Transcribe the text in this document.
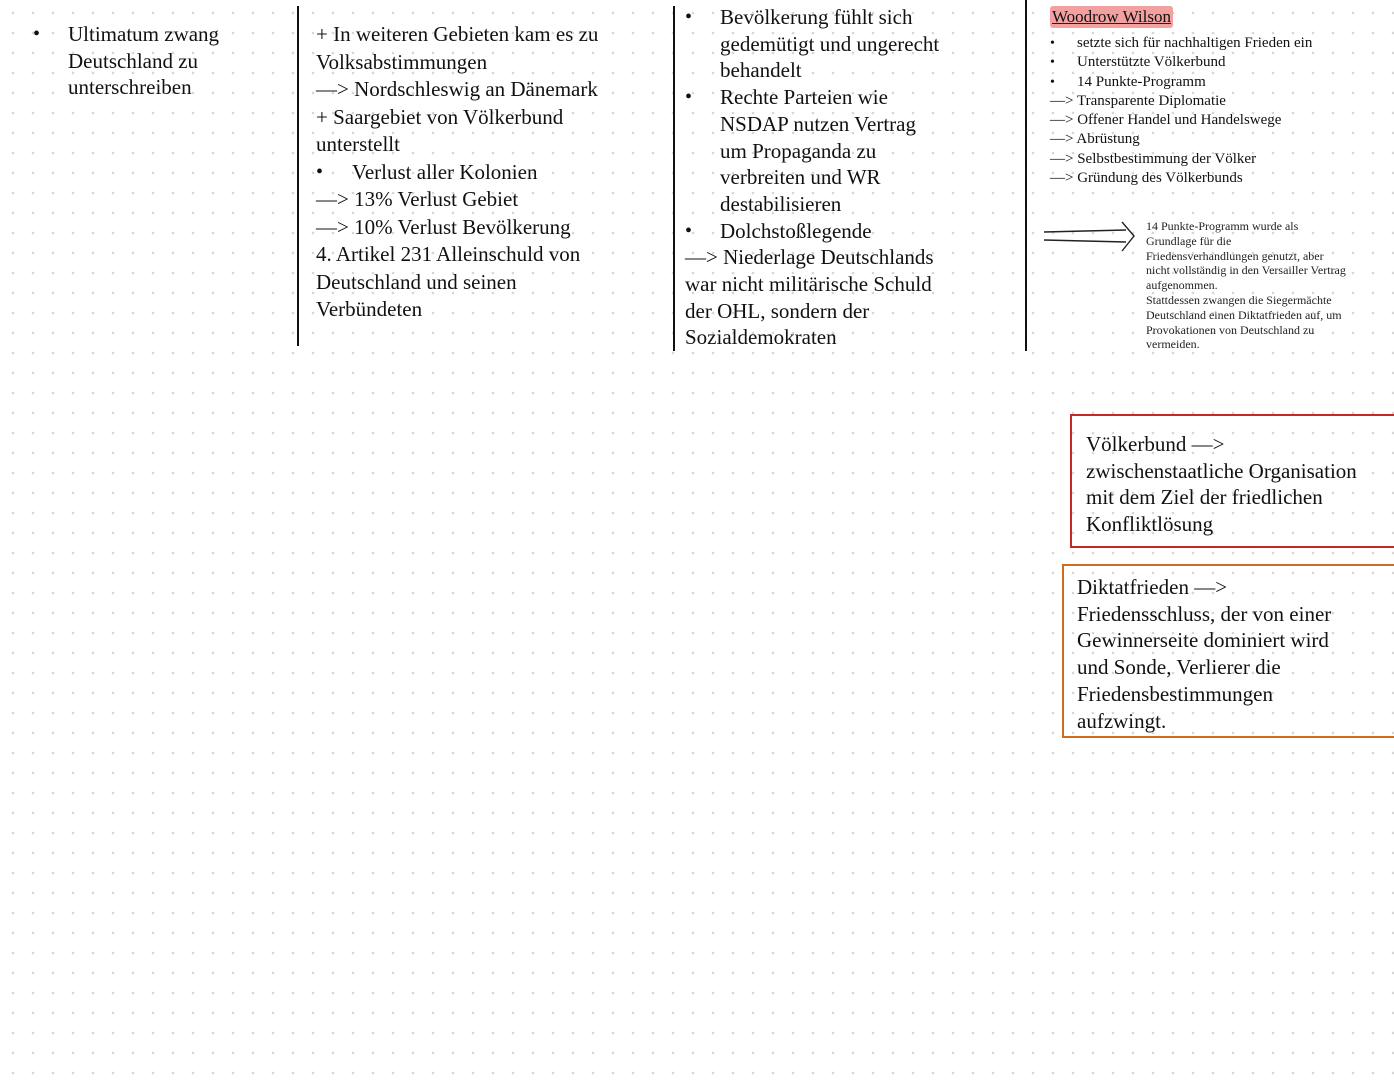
• Ultimatum zwang
Deutschland zu
unterschreiben
+ In weiteren Gebieten kam es zu
Volksabstimmungen
—> Nordschleswig an Dänemark
+ Saargebiet von Völkerbund
unterstellt
• Verlust aller Kolonien
—> 13% Verlust Gebiet
—> 10% Verlust Bevölkerung
4. Artikel 231 Alleinschuld von
Deutschland und seinen
Verbündeten
• Bevölkerung fühlt sich
gedemütigt und ungerecht
behandelt
• Rechte Parteien wie
NSDAP nutzen Vertrag
um Propaganda zu
verbreiten und WR
destabilisieren
• Dolchstoßlegende
—> Niederlage Deutschlands
war nicht militärische Schuld
der OHL, sondern der
Sozialdemokraten
Woodrow Wilson
• setzte sich für nachhaltigen Frieden ein
• Unterstützte Völkerbund
• 14 Punkte-Programm
—> Transparente Diplomatie
—> Offener Handel und Handelswege
—> Abrüstung
—> Selbstbestimmung der Völker
—> Gründung des Völkerbunds
14 Punkte-Programm wurde als
Grundlage für die
Friedensverhandlungen genutzt, aber
nicht vollständig in den Versailler Vertrag
aufgenommen.
Stattdessen zwangen die Siegermächte
Deutschland einen Diktatfrieden auf, um
Provokationen von Deutschland zu
vermeiden.
Völkerbund —>
zwischenstaatliche Organisation
mit dem Ziel der friedlichen
Konfliktlösung
Diktatfrieden —>
Friedensschluss, der von einer
Gewinnerseite dominiert wird
und Sonde, Verlierer die
Friedensbestimmungen
aufzwingt.
